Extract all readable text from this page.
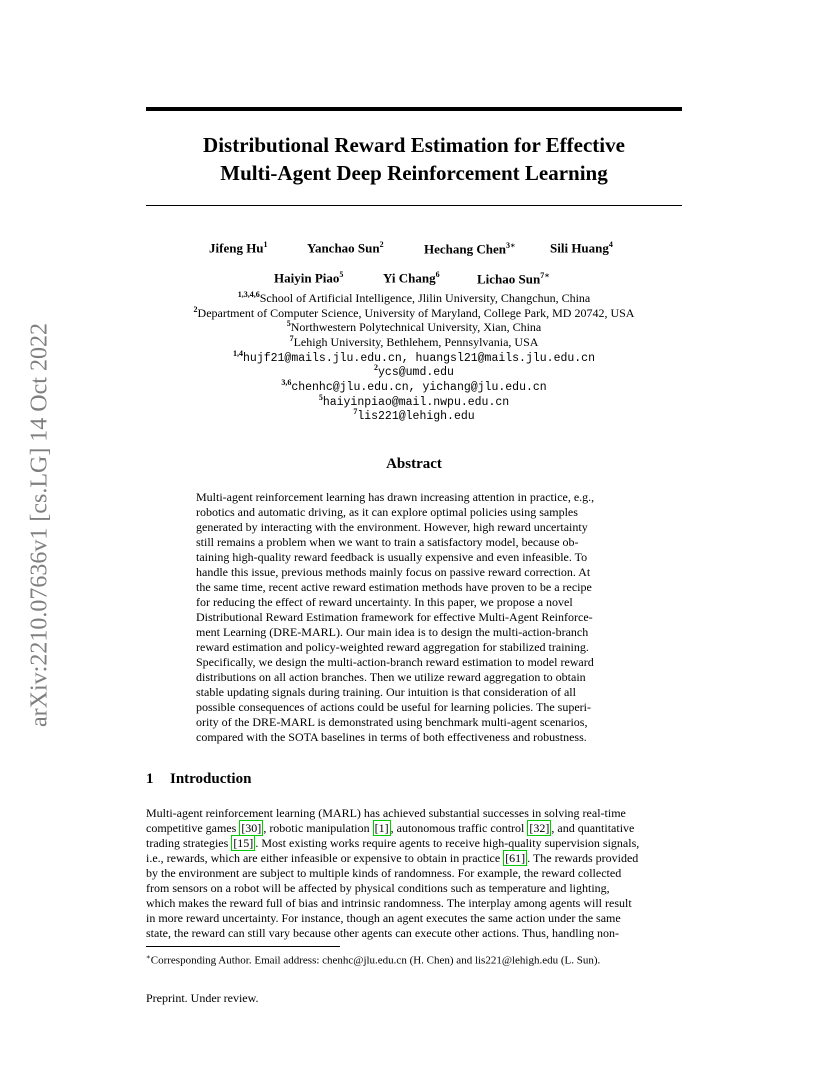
arXiv:2210.07636v1 [cs.LG] 14 Oct 2022
Distributional Reward Estimation for Effective
Multi-Agent Deep Reinforcement Learning
Jifeng Hu$^1$	Yanchao Sun$^2$	Hechang Chen$^{3∗}$	Sili Huang$^4$
Haiyin Piao$^5$	Yi Chang$^6$	Lichao Sun$^{7∗}$
$^{1,3,4,6}$School of Artificial Intelligence, Jlilin University, Changchun, China
$^2$Department of Computer Science, University of Maryland, College Park, MD 20742, USA
$^5$Northwestern Polytechnical University, Xian, China
$^7$Lehigh University, Bethlehem, Pennsylvania, USA
$^{1,4}$hujf21@mails.jlu.edu.cn, huangsl21@mails.jlu.edu.cn
$^2$ycs@umd.edu
$^{3,6}$chenhc@jlu.edu.cn, yichang@jlu.edu.cn
$^5$haiyinpiao@mail.nwpu.edu.cn
$^7$lis221@lehigh.edu
Abstract
Multi-agent reinforcement learning has drawn increasing attention in practice, e.g.,
robotics and automatic driving, as it can explore optimal policies using samples
generated by interacting with the environment. However, high reward uncertainty
still remains a problem when we want to train a satisfactory model, because ob-
taining high-quality reward feedback is usually expensive and even infeasible. To
handle this issue, previous methods mainly focus on passive reward correction. At
the same time, recent active reward estimation methods have proven to be a recipe
for reducing the effect of reward uncertainty. In this paper, we propose a novel
Distributional Reward Estimation framework for effective Multi-Agent Reinforce-
ment Learning (DRE-MARL). Our main idea is to design the multi-action-branch
reward estimation and policy-weighted reward aggregation for stabilized training.
Specifically, we design the multi-action-branch reward estimation to model reward
distributions on all action branches. Then we utilize reward aggregation to obtain
stable updating signals during training. Our intuition is that consideration of all
possible consequences of actions could be useful for learning policies. The superi-
ority of the DRE-MARL is demonstrated using benchmark multi-agent scenarios,
compared with the SOTA baselines in terms of both effectiveness and robustness.
1 Introduction
Multi-agent reinforcement learning (MARL) has achieved substantial successes in solving real-time
competitive games [30] , robotic manipulation [1] , autonomous traffic control [32] , and quantitative
trading strategies [15] . Most existing works require agents to receive high-quality supervision signals,
i.e., rewards, which are either infeasible or expensive to obtain in practice [61] . The rewards provided
by the environment are subject to multiple kinds of randomness. For example, the reward collected
from sensors on a robot will be affected by physical conditions such as temperature and lighting,
which makes the reward full of bias and intrinsic randomness. The interplay among agents will result
in more reward uncertainty. For instance, though an agent executes the same action under the same
state, the reward can still vary because other agents can execute other actions. Thus, handling non-
∗Corresponding Author. Email address: chenhc@jlu.edu.cn (H. Chen) and lis221@lehigh.edu (L. Sun).
Preprint. Under review.
